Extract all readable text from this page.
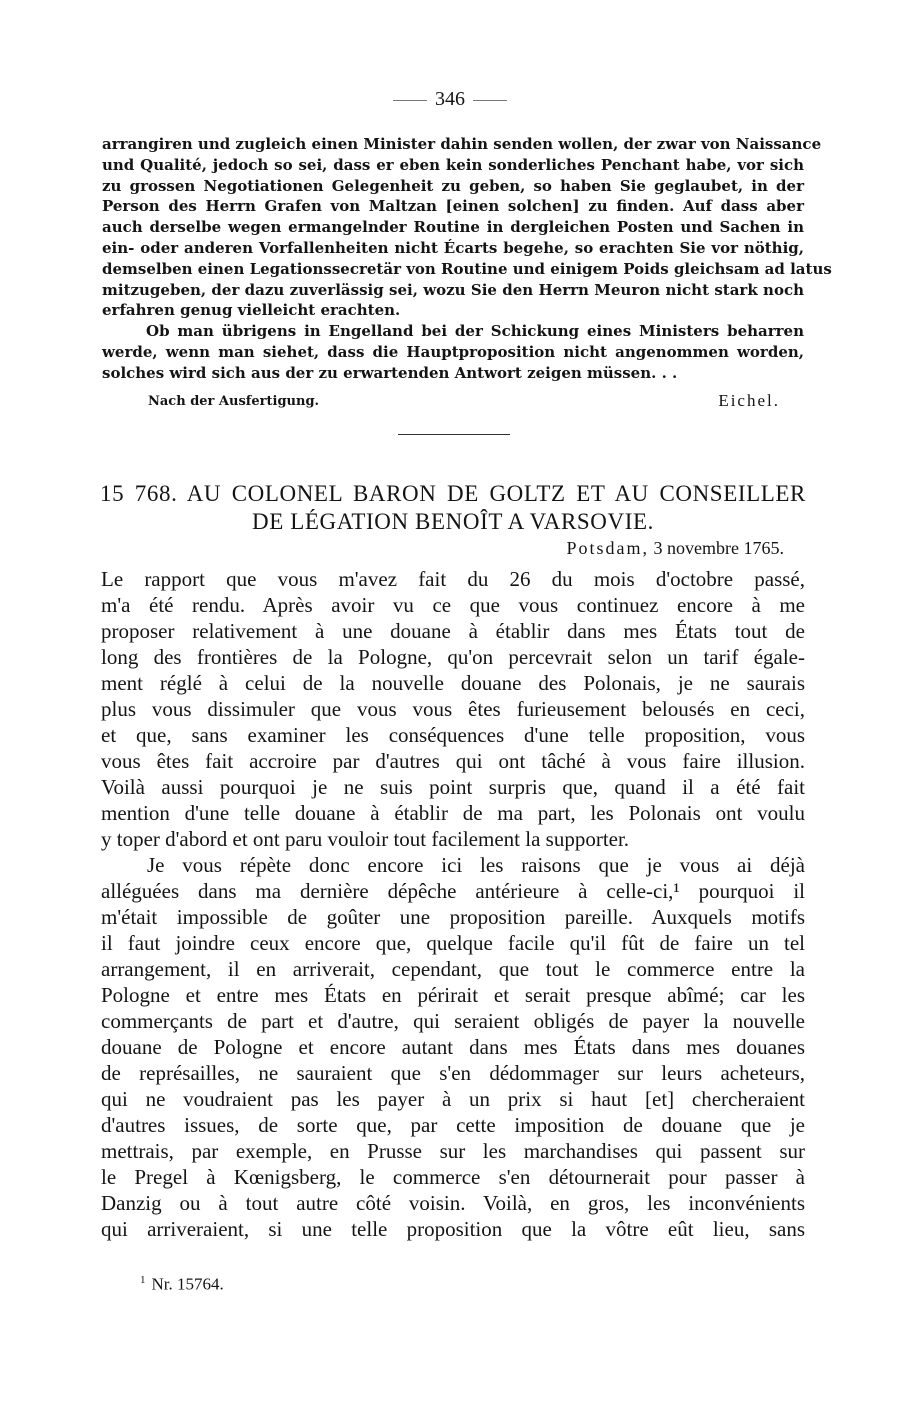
346

arrangiren und zugleich einen Minister dahin senden wollen, der zwar von Naissance

und Qualité, jedoch so sei, dass er eben kein sonderliches Penchant habe, vor sich

zu grossen Negotiationen Gelegenheit zu geben, so haben Sie geglaubet, in der

Person des Herrn Grafen von Maltzan [einen solchen] zu finden. Auf dass aber

auch derselbe wegen ermangelnder Routine in dergleichen Posten und Sachen in

ein- oder anderen Vorfallenheiten nicht Écarts begehe, so erachten Sie vor nöthig,

demselben einen Legationssecretär von Routine und einigem Poids gleichsam ad latus

mitzugeben, der dazu zuverlässig sei, wozu Sie den Herrn Meuron nicht stark noch

erfahren genug vielleicht erachten.

Ob man übrigens in Engelland bei der Schickung eines Ministers beharren

werde, wenn man siehet, dass die Hauptproposition nicht angenommen worden,

solches wird sich aus der zu erwartenden Antwort zeigen müssen. . .

Nach der Ausfertigung.	Eichel.
15 768. AU COLONEL BARON DE GOLTZ ET AU CONSEILLER
DE LÉGATION BENOÎT A VARSOVIE.
Potsdam, 3 novembre 1765.
Le rapport que vous m'avez fait du 26 du mois d'octobre passé,
m'a été rendu. Après avoir vu ce que vous continuez encore à me
proposer relativement à une douane à établir dans mes États tout de
long des frontières de la Pologne, qu'on percevrait selon un tarif égale-
ment réglé à celui de la nouvelle douane des Polonais, je ne saurais
plus vous dissimuler que vous vous êtes furieusement belousés en ceci,
et que, sans examiner les conséquences d'une telle proposition, vous
vous êtes fait accroire par d'autres qui ont tâché à vous faire illusion.
Voilà aussi pourquoi je ne suis point surpris que, quand il a été fait
mention d'une telle douane à établir de ma part, les Polonais ont voulu
y toper d'abord et ont paru vouloir tout facilement la supporter.
Je vous répète donc encore ici les raisons que je vous ai déjà
alléguées dans ma dernière dépêche antérieure à celle-ci,¹ pourquoi il
m'était impossible de goûter une proposition pareille. Auxquels motifs
il faut joindre ceux encore que, quelque facile qu'il fût de faire un tel
arrangement, il en arriverait, cependant, que tout le commerce entre la
Pologne et entre mes États en périrait et serait presque abîmé; car les
commerçants de part et d'autre, qui seraient obligés de payer la nouvelle
douane de Pologne et encore autant dans mes États dans mes douanes
de représailles, ne sauraient que s'en dédommager sur leurs acheteurs,
qui ne voudraient pas les payer à un prix si haut [et] chercheraient
d'autres issues, de sorte que, par cette imposition de douane que je
mettrais, par exemple, en Prusse sur les marchandises qui passent sur
le Pregel à Kœnigsberg, le commerce s'en détournerait pour passer à
Danzig ou à tout autre côté voisin. Voilà, en gros, les inconvénients
qui arriveraient, si une telle proposition que la vôtre eût lieu, sans
$^1$ Nr. 15764.
